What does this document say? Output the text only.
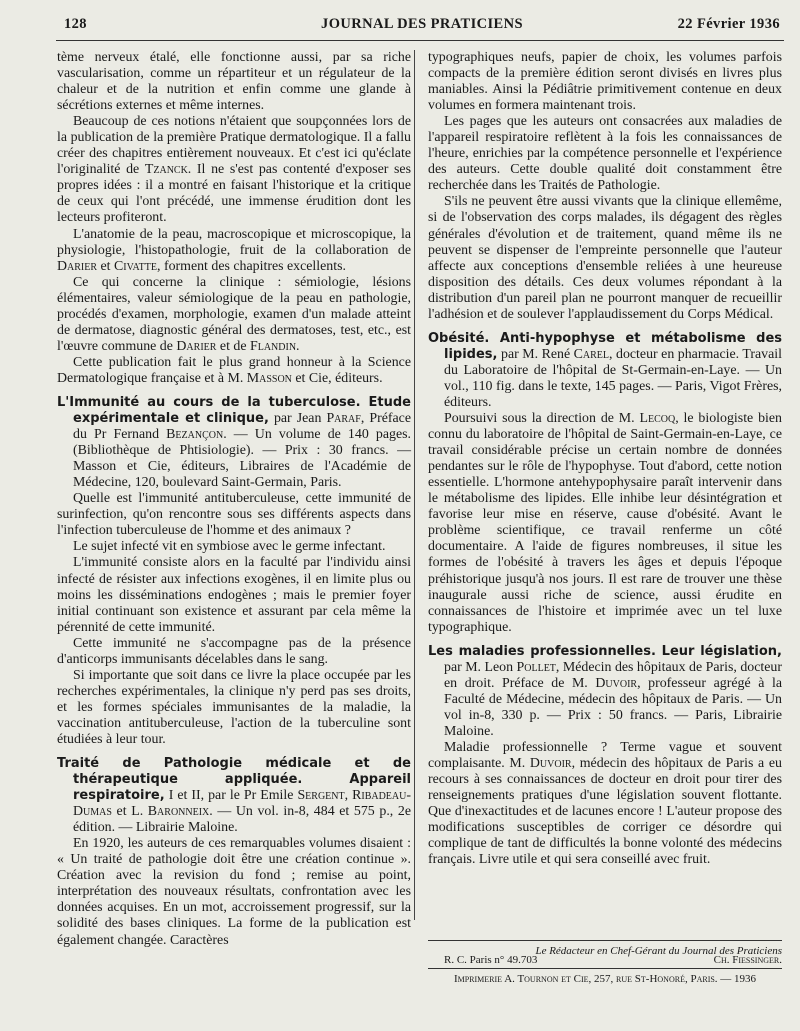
128	JOURNAL DES PRATICIENS	22 Février 1936

tème nerveux étalé, elle fonctionne aussi, par sa riche vascularisation, comme un répartiteur et un régulateur de la chaleur et de la nutrition et enfin comme une glande à sécrétions externes et même internes.

Beaucoup de ces notions n'étaient que soupçonnées lors de la publication de la première Pratique dermatologique. Il a fallu créer des chapitres entièrement nouveaux. Et c'est ici qu'éclate l'originalité de Tzanck. Il ne s'est pas contenté d'exposer ses propres idées : il a montré en faisant l'historique et la critique de ceux qui l'ont précédé, une immense érudition dont les lecteurs profiteront.

L'anatomie de la peau, macroscopique et microscopique, la physiologie, l'histopathologie, fruit de la collaboration de Darier et Civatte, forment des chapitres excellents.

Ce qui concerne la clinique : sémiologie, lésions élémentaires, valeur sémiologique de la peau en pathologie, procédés d'examen, morphologie, examen d'un malade atteint de dermatose, diagnostic général des dermatoses, test, etc., est l'œuvre commune de Darier et de Flandin.

Cette publication fait le plus grand honneur à la Science Dermatologique française et à M. Masson et Cie, éditeurs.

L'Immunité au cours de la tuberculose. Etude expérimentale et clinique, par Jean Paraf, Préface du Pr Fernand Bezançon. — Un volume de 140 pages. (Bibliothèque de Phtisiologie). — Prix : 30 francs. — Masson et Cie, éditeurs, Libraires de l'Académie de Médecine, 120, boulevard Saint-Germain, Paris.

Quelle est l'immunité antituberculeuse, cette immunité de surinfection, qu'on rencontre sous ses différents aspects dans l'infection tuberculeuse de l'homme et des animaux ?

Le sujet infecté vit en symbiose avec le germe infectant.

L'immunité consiste alors en la faculté par l'individu ainsi infecté de résister aux infections exogènes, il en limite plus ou moins les disséminations endogènes ; mais le premier foyer initial continuant son existence et assurant par cela même la pérennité de cette immunité.

Cette immunité ne s'accompagne pas de la présence d'anticorps immunisants décelables dans le sang.

Si importante que soit dans ce livre la place occupée par les recherches expérimentales, la clinique n'y perd pas ses droits, et les formes spéciales immunisantes de la maladie, la vaccination antituberculeuse, l'action de la tuberculine sont étudiées à leur tour.

Traité de Pathologie médicale et de thérapeutique appliquée. Appareil respiratoire, I et II, par le Pr Emile Sergent, Ribadeau-Dumas et L. Baronneix. — Un vol. in-8, 484 et 575 p., 2e édition. — Librairie Maloine.

En 1920, les auteurs de ces remarquables volumes disaient : « Un traité de pathologie doit être une création continue ». Création avec la revision du fond ; remise au point, interprétation des nouveaux résultats, confrontation avec les données acquises. En un mot, accroissement progressif, sur la solidité des bases cliniques. La forme de la publication est également changée. Caractères

typographiques neufs, papier de choix, les volumes parfois compacts de la première édition seront divisés en livres plus maniables. Ainsi la Pédiâtrie primitivement contenue en deux volumes en formera maintenant trois.

Les pages que les auteurs ont consacrées aux maladies de l'appareil respiratoire reflètent à la fois les connaissances de l'heure, enrichies par la compétence personnelle et l'expérience des auteurs. Cette double qualité doit constamment être recherchée dans les Traités de Pathologie.

S'ils ne peuvent être aussi vivants que la clinique ellemême, si de l'observation des corps malades, ils dégagent des règles générales d'évolution et de traitement, quand même ils ne peuvent se dispenser de l'empreinte personnelle que l'auteur affecte aux conceptions d'ensemble reliées à une heureuse disposition des détails. Ces deux volumes répondant à la distribution d'un pareil plan ne pourront manquer de recueillir l'adhésion et de soulever l'applaudissement du Corps Médical.

Obésité. Anti-hypophyse et métabolisme des lipides, par M. René Carel, docteur en pharmacie. Travail du Laboratoire de l'hôpital de St-Germain-en-Laye. — Un vol., 110 fig. dans le texte, 145 pages. — Paris, Vigot Frères, éditeurs.

Poursuivi sous la direction de M. Lecoq, le biologiste bien connu du laboratoire de l'hôpital de Saint-Germain-en-Laye, ce travail considérable précise un certain nombre de données pendantes sur le rôle de l'hypophyse. Tout d'abord, cette notion essentielle. L'hormone antehypophysaire paraît intervenir dans le métabolisme des lipides. Elle inhibe leur désintégration et favorise leur mise en réserve, cause d'obésité. Avant le problème scientifique, ce travail renferme un côté documentaire. A l'aide de figures nombreuses, il situe les formes de l'obésité à travers les âges et depuis l'époque préhistorique jusqu'à nos jours. Il est rare de trouver une thèse inaugurale aussi riche de science, aussi érudite en connaissances de l'histoire et imprimée avec un tel luxe typographique.

Les maladies professionnelles. Leur législation, par M. Leon Pollet, Médecin des hôpitaux de Paris, docteur en droit. Préface de M. Duvoir, professeur agrégé à la Faculté de Médecine, médecin des hôpitaux de Paris. — Un vol in-8, 330 p. — Prix : 50 francs. — Paris, Librairie Maloine.

Maladie professionnelle ? Terme vague et souvent complaisante. M. Duvoir, médecin des hôpitaux de Paris a eu recours à ses connaissances de docteur en droit pour tirer des renseignements pratiques d'une législation souvent flottante. Que d'inexactitudes et de lacunes encore ! L'auteur propose des modifications susceptibles de corriger ce désordre qui complique de tant de difficultés la bonne volonté des médecins français. Livre utile et qui sera conseillé avec fruit.

Le Rédacteur en Chef-Gérant du Journal des Praticiens
R. C. Paris n° 49.703	Ch. Fiessinger.
Imprimerie A. Tournon et Cie, 257, rue St-Honoré, Paris. — 1936
